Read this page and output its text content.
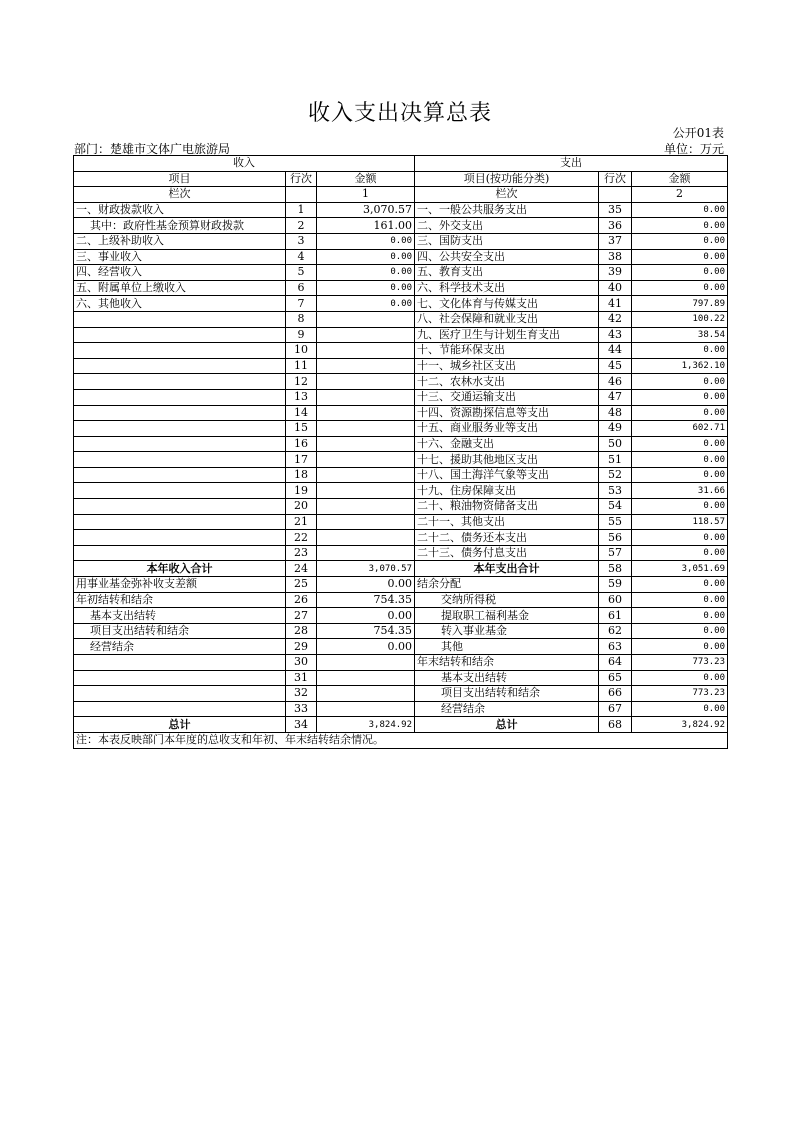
收入支出决算总表
公开01表
部门：楚雄市文体广电旅游局	单位：万元
收入			支出		
项目	行次	金额	项目(按功能分类)	行次	金额
栏次		1	栏次		2
一、财政拨款收入	1	3,070.57	一、一般公共服务支出	35	0.00
其中：政府性基金预算财政拨款	2	161.00	二、外交支出	36	0.00
二、上级补助收入	3	0.00	三、国防支出	37	0.00
三、事业收入	4	0.00	四、公共安全支出	38	0.00
四、经营收入	5	0.00	五、教育支出	39	0.00
五、附属单位上缴收入	6	0.00	六、科学技术支出	40	0.00
六、其他收入	7	0.00	七、文化体育与传媒支出	41	797.89
	8		八、社会保障和就业支出	42	100.22
	9		九、医疗卫生与计划生育支出	43	38.54
	10		十、节能环保支出	44	0.00
	11		十一、城乡社区支出	45	1,362.10
	12		十二、农林水支出	46	0.00
	13		十三、交通运输支出	47	0.00
	14		十四、资源勘探信息等支出	48	0.00
	15		十五、商业服务业等支出	49	602.71
	16		十六、金融支出	50	0.00
	17		十七、援助其他地区支出	51	0.00
	18		十八、国土海洋气象等支出	52	0.00
	19		十九、住房保障支出	53	31.66
	20		二十、粮油物资储备支出	54	0.00
	21		二十一、其他支出	55	118.57
	22		二十二、债务还本支出	56	0.00
	23		二十三、债务付息支出	57	0.00
本年收入合计	24	3,070.57	本年支出合计	58	3,051.69
用事业基金弥补收支差额	25	0.00	结余分配	59	0.00
年初结转和结余	26	754.35	交纳所得税	60	0.00
基本支出结转	27	0.00	提取职工福利基金	61	0.00
项目支出结转和结余	28	754.35	转入事业基金	62	0.00
经营结余	29	0.00	其他	63	0.00
	30		年末结转和结余	64	773.23
	31		基本支出结转	65	0.00
	32		项目支出结转和结余	66	773.23
	33		经营结余	67	0.00
总计	34	3,824.92	总计	68	3,824.92
注：本表反映部门本年度的总收支和年初、年末结转结余情况。					
